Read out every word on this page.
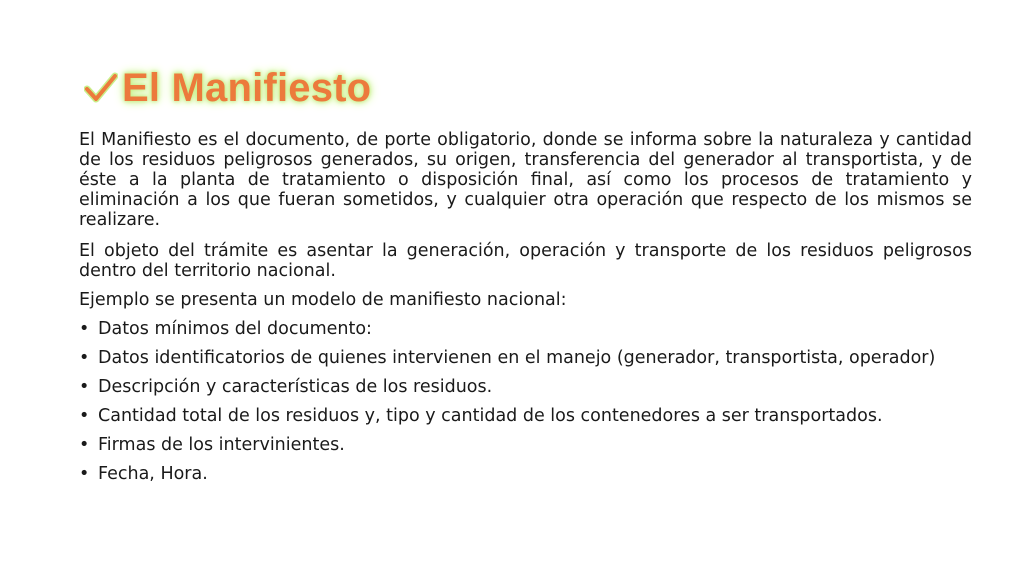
El Manifiesto

El Manifiesto es el documento, de porte obligatorio, donde se informa sobre la naturaleza y cantidad de los residuos peligrosos generados, su origen, transferencia del generador al transportista, y de éste a la planta de tratamiento o disposición final, así como los procesos de tratamiento y eliminación a los que fueran sometidos, y cualquier otra operación que respecto de los mismos se realizare.

El objeto del trámite es asentar la generación, operación y transporte de los residuos peligrosos dentro del territorio nacional.

Ejemplo se presenta un modelo de manifiesto nacional:

• Datos mínimos del documento:
• Datos identificatorios de quienes intervienen en el manejo (generador, transportista, operador)
• Descripción y características de los residuos.
• Cantidad total de los residuos y, tipo y cantidad de los contenedores a ser transportados.
• Firmas de los intervinientes.
• Fecha, Hora.
